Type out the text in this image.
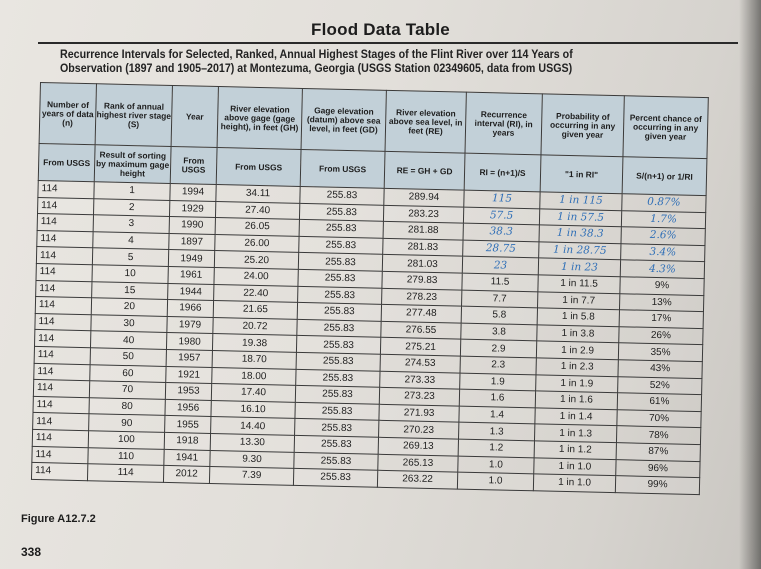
Flood Data Table
Recurrence Intervals for Selected, Ranked, Annual Highest Stages of the Flint River over 114 Years of
Observation (1897 and 1905–2017) at Montezuma, Georgia (USGS Station 02349605, data from USGS)
Number of years of data (n)	Rank of annual highest river stage (S)	Year	River elevation above gage (gage height), in feet (GH)	Gage elevation (datum) above sea level, in feet (GD)	River elevation above sea level, in feet (RE)	Recurrence interval (RI), in years	Probability of occurring in any given year	Percent chance of occurring in any given year
From USGS	Result of sorting by maximum gage height	From USGS	From USGS	From USGS	RE = GH + GD	RI = (n+1)/S	"1 in RI"	S/(n+1) or 1/RI
114	1	1994	34.11	255.83	289.94	115	1 in 115	0.87%
114	2	1929	27.40	255.83	283.23	57.5	1 in 57.5	1.7%
114	3	1990	26.05	255.83	281.88	38.3	1 in 38.3	2.6%
114	4	1897	26.00	255.83	281.83	28.75	1 in 28.75	3.4%
114	5	1949	25.20	255.83	281.03	23	1 in 23	4.3%
114	10	1961	24.00	255.83	279.83	11.5	1 in 11.5	9%
114	15	1944	22.40	255.83	278.23	7.7	1 in 7.7	13%
114	20	1966	21.65	255.83	277.48	5.8	1 in 5.8	17%
114	30	1979	20.72	255.83	276.55	3.8	1 in 3.8	26%
114	40	1980	19.38	255.83	275.21	2.9	1 in 2.9	35%
114	50	1957	18.70	255.83	274.53	2.3	1 in 2.3	43%
114	60	1921	18.00	255.83	273.33	1.9	1 in 1.9	52%
114	70	1953	17.40	255.83	273.23	1.6	1 in 1.6	61%
114	80	1956	16.10	255.83	271.93	1.4	1 in 1.4	70%
114	90	1955	14.40	255.83	270.23	1.3	1 in 1.3	78%
114	100	1918	13.30	255.83	269.13	1.2	1 in 1.2	87%
114	110	1941	9.30	255.83	265.13	1.0	1 in 1.0	96%
114	114	2012	7.39	255.83	263.22	1.0	1 in 1.0	99%
Figure A12.7.2
338
